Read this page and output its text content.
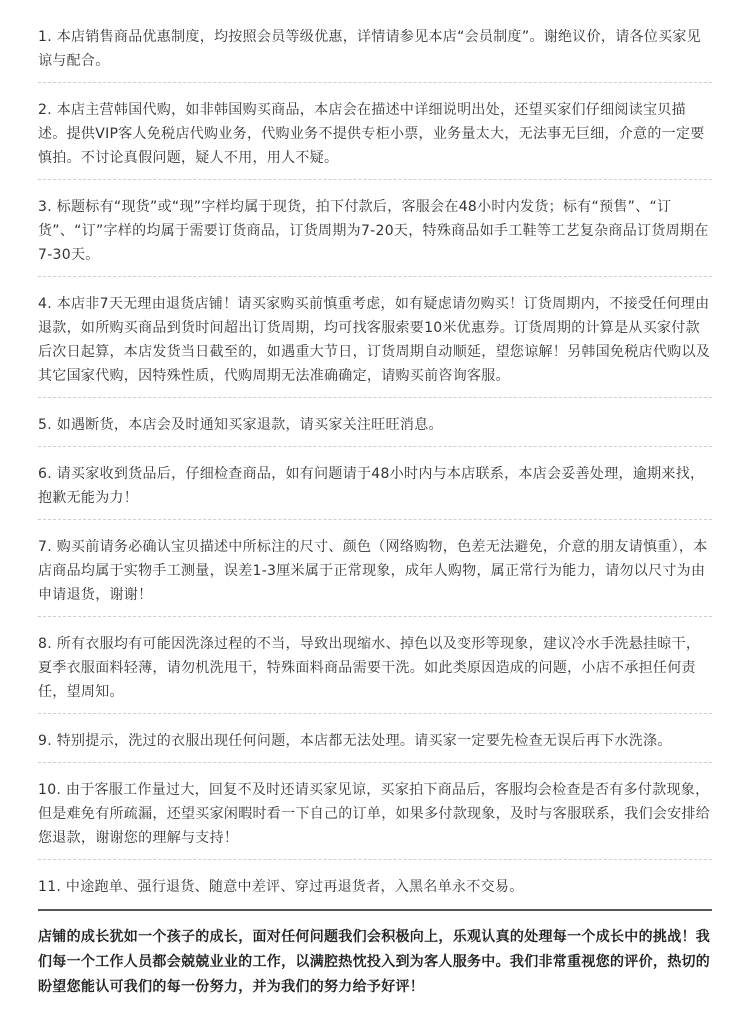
1. 本店销售商品优惠制度，均按照会员等级优惠，详情请参见本店“会员制度”。谢绝议价，请各位买家见谅与配合。
2. 本店主营韩国代购，如非韩国购买商品，本店会在描述中详细说明出处，还望买家们仔细阅读宝贝描述。提供VIP客人免税店代购业务，代购业务不提供专柜小票，业务量太大，无法事无巨细，介意的一定要慎拍。不讨论真假问题，疑人不用，用人不疑。
3. 标题标有“现货”或“现”字样均属于现货，拍下付款后，客服会在48小时内发货；标有“预售”、“订货”、“订”字样的均属于需要订货商品，订货周期为7-20天，特殊商品如手工鞋等工艺复杂商品订货周期在7-30天。
4. 本店非7天无理由退货店铺！请买家购买前慎重考虑，如有疑虑请勿购买！订货周期内，不接受任何理由退款，如所购买商品到货时间超出订货周期，均可找客服索要10米优惠券。订货周期的计算是从买家付款后次日起算，本店发货当日截至的，如遇重大节日，订货周期自动顺延，望您谅解！另韩国免税店代购以及其它国家代购，因特殊性质，代购周期无法准确确定，请购买前咨询客服。
5. 如遇断货，本店会及时通知买家退款，请买家关注旺旺消息。
6. 请买家收到货品后，仔细检查商品，如有问题请于48小时内与本店联系，本店会妥善处理，逾期来找，抱歉无能为力！
7. 购买前请务必确认宝贝描述中所标注的尺寸、颜色（网络购物，色差无法避免，介意的朋友请慎重），本店商品均属于实物手工测量，误差1-3厘米属于正常现象，成年人购物，属正常行为能力，请勿以尺寸为由申请退货，谢谢！
8. 所有衣服均有可能因洗涤过程的不当，导致出现缩水、掉色以及变形等现象，建议冷水手洗悬挂晾干，夏季衣服面料轻薄，请勿机洗甩干，特殊面料商品需要干洗。如此类原因造成的问题，小店不承担任何责任，望周知。
9. 特别提示，洗过的衣服出现任何问题，本店都无法处理。请买家一定要先检查无误后再下水洗涤。
10. 由于客服工作量过大，回复不及时还请买家见谅，买家拍下商品后，客服均会检查是否有多付款现象，但是难免有所疏漏，还望买家闲暇时看一下自己的订单，如果多付款现象，及时与客服联系，我们会安排给您退款，谢谢您的理解与支持！
11. 中途跑单、强行退货、随意中差评、穿过再退货者，入黑名单永不交易。

店铺的成长犹如一个孩子的成长，面对任何问题我们会积极向上，乐观认真的处理每一个成长中的挑战！我们每一个工作人员都会兢兢业业的工作，以满腔热忱投入到为客人服务中。我们非常重视您的评价，热切的盼望您能认可我们的每一份努力，并为我们的努力给予好评！
